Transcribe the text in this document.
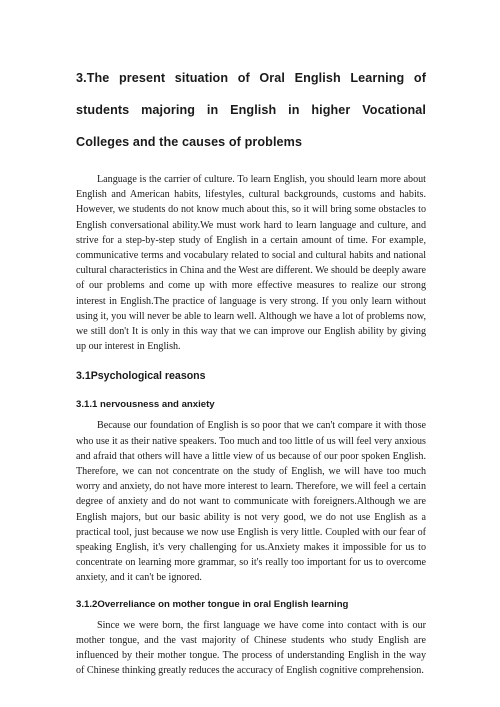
3.The present situation of Oral English Learning of students majoring in English in higher Vocational Colleges and the causes of problems

Language is the carrier of culture. To learn English, you should learn more about English and American habits, lifestyles, cultural backgrounds, customs and habits. However, we students do not know much about this, so it will bring some obstacles to English conversational ability.We must work hard to learn language and culture, and strive for a step-by-step study of English in a certain amount of time. For example, communicative terms and vocabulary related to social and cultural habits and national cultural characteristics in China and the West are different. We should be deeply aware of our problems and come up with more effective measures to realize our strong interest in English.The practice of language is very strong. If you only learn without using it, you will never be able to learn well. Although we have a lot of problems now, we still don't It is only in this way that we can improve our English ability by giving up our interest in English.

3.1Psychological reasons
3.1.1 nervousness and anxiety

Because our foundation of English is so poor that we can't compare it with those who use it as their native speakers. Too much and too little of us will feel very anxious and afraid that others will have a little view of us because of our poor spoken English. Therefore, we can not concentrate on the study of English, we will have too much worry and anxiety, do not have more interest to learn. Therefore, we will feel a certain degree of anxiety and do not want to communicate with foreigners.Although we are English majors, but our basic ability is not very good, we do not use English as a practical tool, just because we now use English is very little. Coupled with our fear of speaking English, it's very challenging for us.Anxiety makes it impossible for us to concentrate on learning more grammar, so it's really too important for us to overcome anxiety, and it can't be ignored.

3.1.2Overreliance on mother tongue in oral English learning

Since we were born, the first language we have come into contact with is our mother tongue, and the vast majority of Chinese students who study English are influenced by their mother tongue. The process of understanding English in the way of Chinese thinking greatly reduces the accuracy of English cognitive comprehension.
